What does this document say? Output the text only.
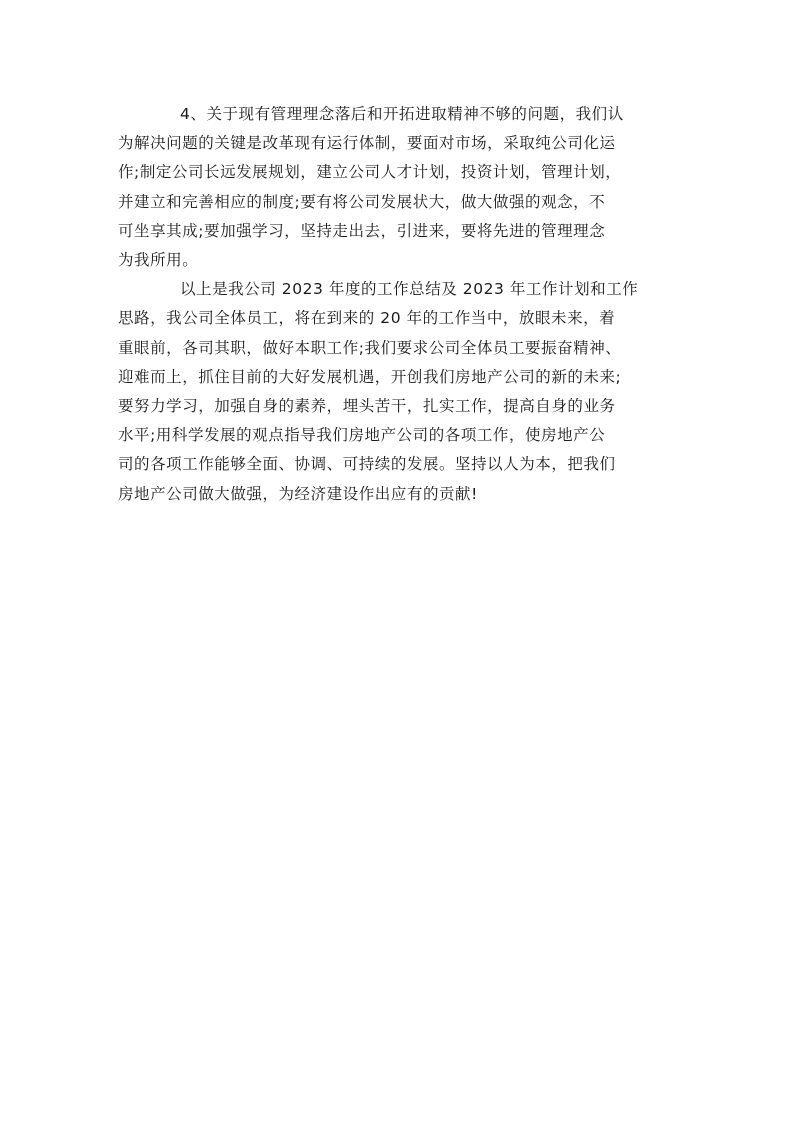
4、关于现有管理理念落后和开拓进取精神不够的问题，我们认
为解决问题的关键是改革现有运行体制，要面对市场，采取纯公司化运
作;制定公司长远发展规划，建立公司人才计划，投资计划，管理计划，
并建立和完善相应的制度;要有将公司发展状大，做大做强的观念，不
可坐享其成;要加强学习，坚持走出去，引进来，要将先进的管理理念
为我所用。

以上是我公司 2023 年度的工作总结及 2023 年工作计划和工作
思路，我公司全体员工，将在到来的 20 年的工作当中，放眼未来，着
重眼前，各司其职，做好本职工作;我们要求公司全体员工要振奋精神、
迎难而上，抓住目前的大好发展机遇，开创我们房地产公司的新的未来;
要努力学习，加强自身的素养，埋头苦干，扎实工作，提高自身的业务
水平;用科学发展的观点指导我们房地产公司的各项工作，使房地产公
司的各项工作能够全面、协调、可持续的发展。坚持以人为本，把我们
房地产公司做大做强，为经济建设作出应有的贡献!
